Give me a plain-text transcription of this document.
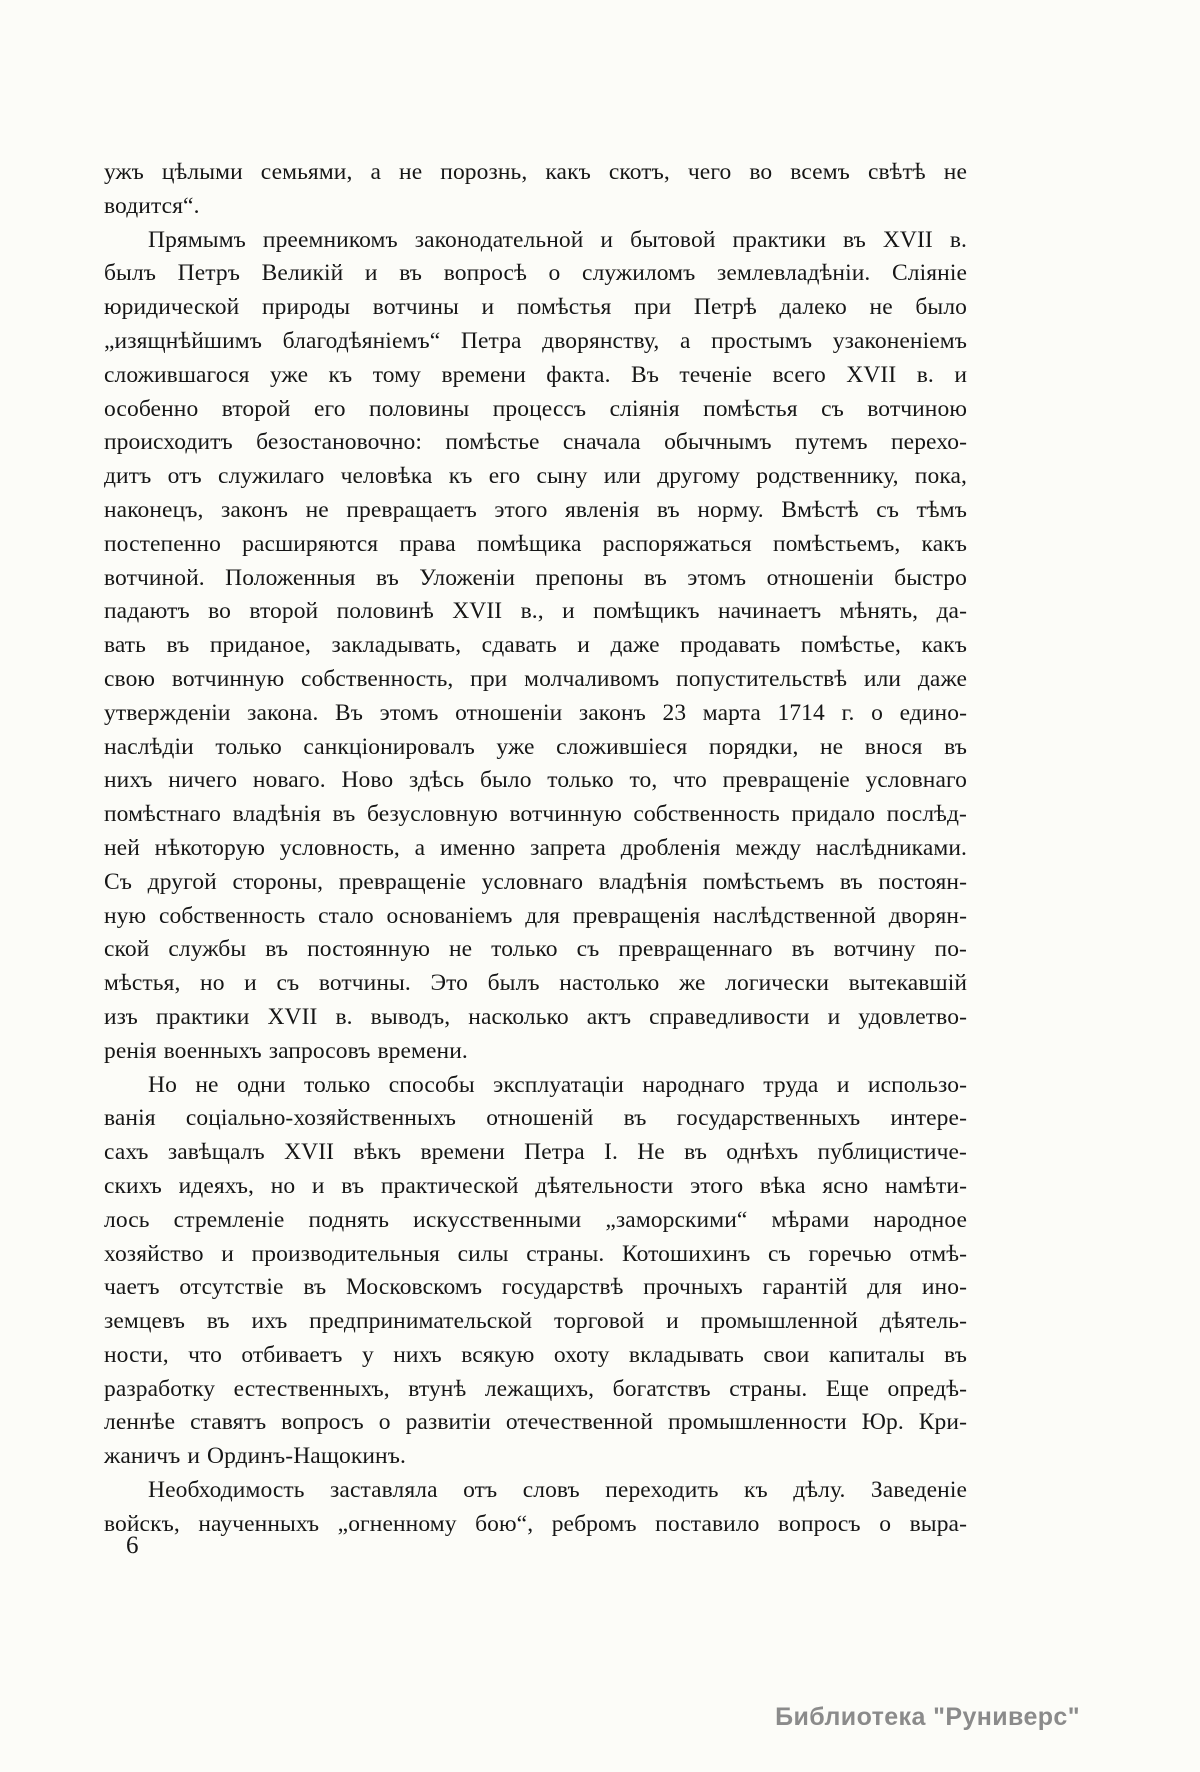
ужъ цѣлыми семьями, а не порознь, какъ скотъ, чего во всемъ свѣтѣ не
водится“.
Прямымъ преемникомъ законодательной и бытовой практики въ XVII в.
былъ Петръ Великій и въ вопросѣ о служиломъ землевладѣніи. Сліяніе
юридической природы вотчины и помѣстья при Петрѣ далеко не было
„изящнѣйшимъ благодѣяніемъ“ Петра дворянству, а простымъ узаконеніемъ
сложившагося уже къ тому времени факта. Въ теченіе всего XVII в. и
особенно второй его половины процессъ сліянія помѣстья съ вотчиною
происходитъ безостановочно: помѣстье сначала обычнымъ путемъ перехо-
дитъ отъ служилаго человѣка къ его сыну или другому родственнику, пока,
наконецъ, законъ не превращаетъ этого явленія въ норму. Вмѣстѣ съ тѣмъ
постепенно расширяются права помѣщика распоряжаться помѣстьемъ, какъ
вотчиной. Положенныя въ Уложеніи препоны въ этомъ отношеніи быстро
падаютъ во второй половинѣ XVII в., и помѣщикъ начинаетъ мѣнять, да-
вать въ приданое, закладывать, сдавать и даже продавать помѣстье, какъ
свою вотчинную собственность, при молчаливомъ попустительствѣ или даже
утвержденіи закона. Въ этомъ отношеніи законъ 23 марта 1714 г. о едино-
наслѣдіи только санкціонировалъ уже сложившіеся порядки, не внося въ
нихъ ничего новаго. Ново здѣсь было только то, что превращеніе условнаго
помѣстнаго владѣнія въ безусловную вотчинную собственность придало послѣд-
ней нѣкоторую условность, а именно запрета дробленія между наслѣдниками.
Съ другой стороны, превращеніе условнаго владѣнія помѣстьемъ въ постоян-
ную собственность стало основаніемъ для превращенія наслѣдственной дворян-
ской службы въ постоянную не только съ превращеннаго въ вотчину по-
мѣстья, но и съ вотчины. Это былъ настолько же логически вытекавшій
изъ практики XVII в. выводъ, насколько актъ справедливости и удовлетво-
ренія военныхъ запросовъ времени.
Но не одни только способы эксплуатаціи народнаго труда и использо-
ванія соціально-хозяйственныхъ отношеній въ государственныхъ интере-
сахъ завѣщалъ XVII вѣкъ времени Петра I. Не въ однѣхъ публицистиче-
скихъ идеяхъ, но и въ практической дѣятельности этого вѣка ясно намѣти-
лось стремленіе поднять искусственными „заморскими“ мѣрами народное
хозяйство и производительныя силы страны. Котошихинъ съ горечью отмѣ-
чаетъ отсутствіе въ Московскомъ государствѣ прочныхъ гарантій для ино-
земцевъ въ ихъ предпринимательской торговой и промышленной дѣятель-
ности, что отбиваетъ у нихъ всякую охоту вкладывать свои капиталы въ
разработку естественныхъ, втунѣ лежащихъ, богатствъ страны. Еще опредѣ-
леннѣе ставятъ вопросъ о развитіи отечественной промышленности Юр. Кри-
жаничъ и Ординъ-Нащокинъ.
Необходимость заставляла отъ словъ переходить къ дѣлу. Заведеніе
войскъ, наученныхъ „огненному бою“, ребромъ поставило вопросъ о выра-
6
Библиотека "Руниверс"
